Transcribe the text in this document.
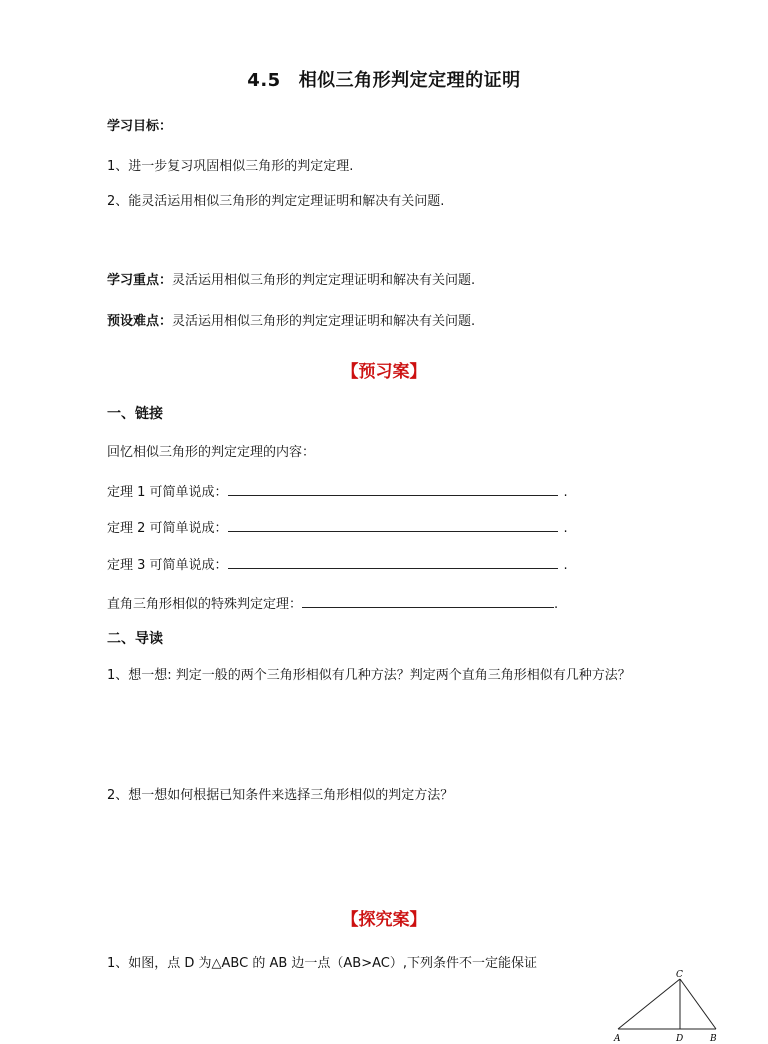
4.5 相似三角形判定定理的证明
学习目标：
1、进一步复习巩固相似三角形的判定定理.
2、能灵活运用相似三角形的判定定理证明和解决有关问题.
学习重点：灵活运用相似三角形的判定定理证明和解决有关问题.
预设难点：灵活运用相似三角形的判定定理证明和解决有关问题.
【预习案】
一、链接
回忆相似三角形的判定定理的内容：
定理 1 可简单说成：	.
定理 2 可简单说成：	.
定理 3 可简单说成：	.
直角三角形相似的特殊判定定理：	.
二、导读
1、想一想: 判定一般的两个三角形相似有几种方法？判定两个直角三角形相似有几种方法？
2、想一想如何根据已知条件来选择三角形相似的判定方法？
【探究案】
1、如图，点 D 为△ABC 的 AB 边一点（AB>AC）,下列条件不一定能保证
C
A	D	B
